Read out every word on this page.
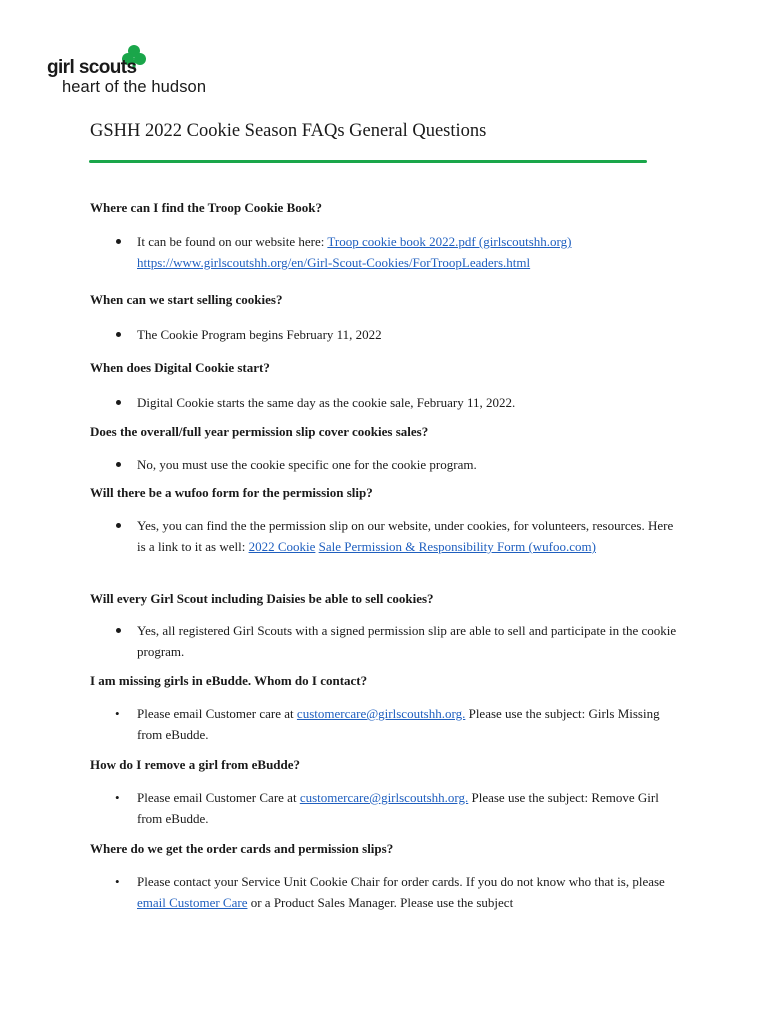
girl scouts
heart of the hudson
GSHH 2022 Cookie Season FAQs General Questions

Where can I find the Troop Cookie Book?

It can be found on our website here: Troop cookie book 2022.pdf (girlscoutshh.org)
https://www.girlscoutshh.org/en/Girl-Scout-Cookies/ForTroopLeaders.html

When can we start selling cookies?

The Cookie Program begins February 11, 2022

When does Digital Cookie start?

Digital Cookie starts the same day as the cookie sale, February 11, 2022.

Does the overall/full year permission slip cover cookies sales?

No, you must use the cookie specific one for the cookie program.

Will there be a wufoo form for the permission slip?

Yes, you can find the the permission slip on our website, under cookies, for volunteers, resources. Here is a link to it as well: 2022 Cookie Sale Permission & Responsibility Form (wufoo.com)

Will every Girl Scout including Daisies be able to sell cookies?

Yes, all registered Girl Scouts with a signed permission slip are able to sell and participate in the cookie program.

I am missing girls in eBudde. Whom do I contact?

• Please email Customer care at customercare@girlscoutshh.org. Please use the subject: Girls Missing from eBudde.

How do I remove a girl from eBudde?

• Please email Customer Care at customercare@girlscoutshh.org. Please use the subject: Remove Girl from eBudde.

Where do we get the order cards and permission slips?

• Please contact your Service Unit Cookie Chair for order cards. If you do not know who that is, please email Customer Care or a Product Sales Manager. Please use the subject
